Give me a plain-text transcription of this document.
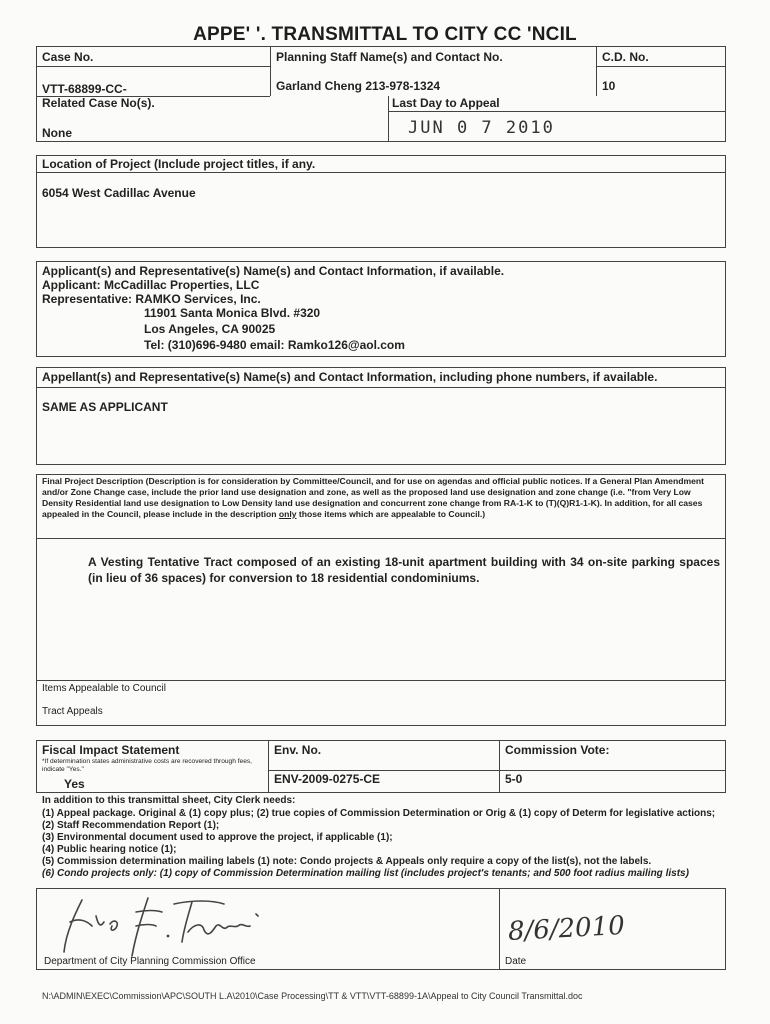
APPE' '. TRANSMITTAL TO CITY CC 'NCIL
Case No.
VTT-68899-CC-
Planning Staff Name(s) and Contact No.
Garland Cheng 213-978-1324
C.D. No.
10
Related Case No(s).
None
Last Day to Appeal
JUN 0 7 2010
Location of Project (Include project titles, if any.
6054 West Cadillac Avenue
Applicant(s) and Representative(s) Name(s) and Contact Information, if available.
Applicant: McCadillac Properties, LLC
Representative: RAMKO Services, Inc.
11901 Santa Monica Blvd. #320
Los Angeles, CA 90025
Tel: (310)696-9480 email: Ramko126@aol.com
Appellant(s) and Representative(s) Name(s) and Contact Information, including phone numbers, if available.
SAME AS APPLICANT
Final Project Description (Description is for consideration by Committee/Council, and for use on agendas and official public notices. If a General Plan Amendment and/or Zone Change case, include the prior land use designation and zone, as well as the proposed land use designation and zone change (i.e. "from Very Low Density Residential land use designation to Low Density land use designation and concurrent zone change from RA-1-K to (T)(Q)R1-1-K). In addition, for all cases appealed in the Council, please include in the description only those items which are appealable to Council.)
A Vesting Tentative Tract composed of an existing 18-unit apartment building with 34 on-site parking spaces (in lieu of 36 spaces) for conversion to 18 residential condominiums.
Items Appealable to Council
Tract Appeals
Fiscal Impact Statement
*If determination states administrative costs are recovered through fees, indicate "Yes."
Yes
Env. No.
ENV-2009-0275-CE
Commission Vote:
5-0
In addition to this transmittal sheet, City Clerk needs:
(1) Appeal package. Original & (1) copy plus; (2) true copies of Commission Determination or Orig & (1) copy of Determ for legislative actions;
(2) Staff Recommendation Report (1);
(3) Environmental document used to approve the project, if applicable (1);
(4) Public hearing notice (1);
(5) Commission determination mailing labels (1) note: Condo projects & Appeals only require a copy of the list(s), not the labels.
(6) Condo projects only: (1) copy of Commission Determination mailing list (includes project's tenants; and 500 foot radius mailing lists)
Department of City Planning Commission Office
8/6/2010
Date
N:\ADMIN\EXEC\Commission\APC\SOUTH L.A\2010\Case Processing\TT & VTT\VTT-68899-1A\Appeal to City Council Transmittal.doc
